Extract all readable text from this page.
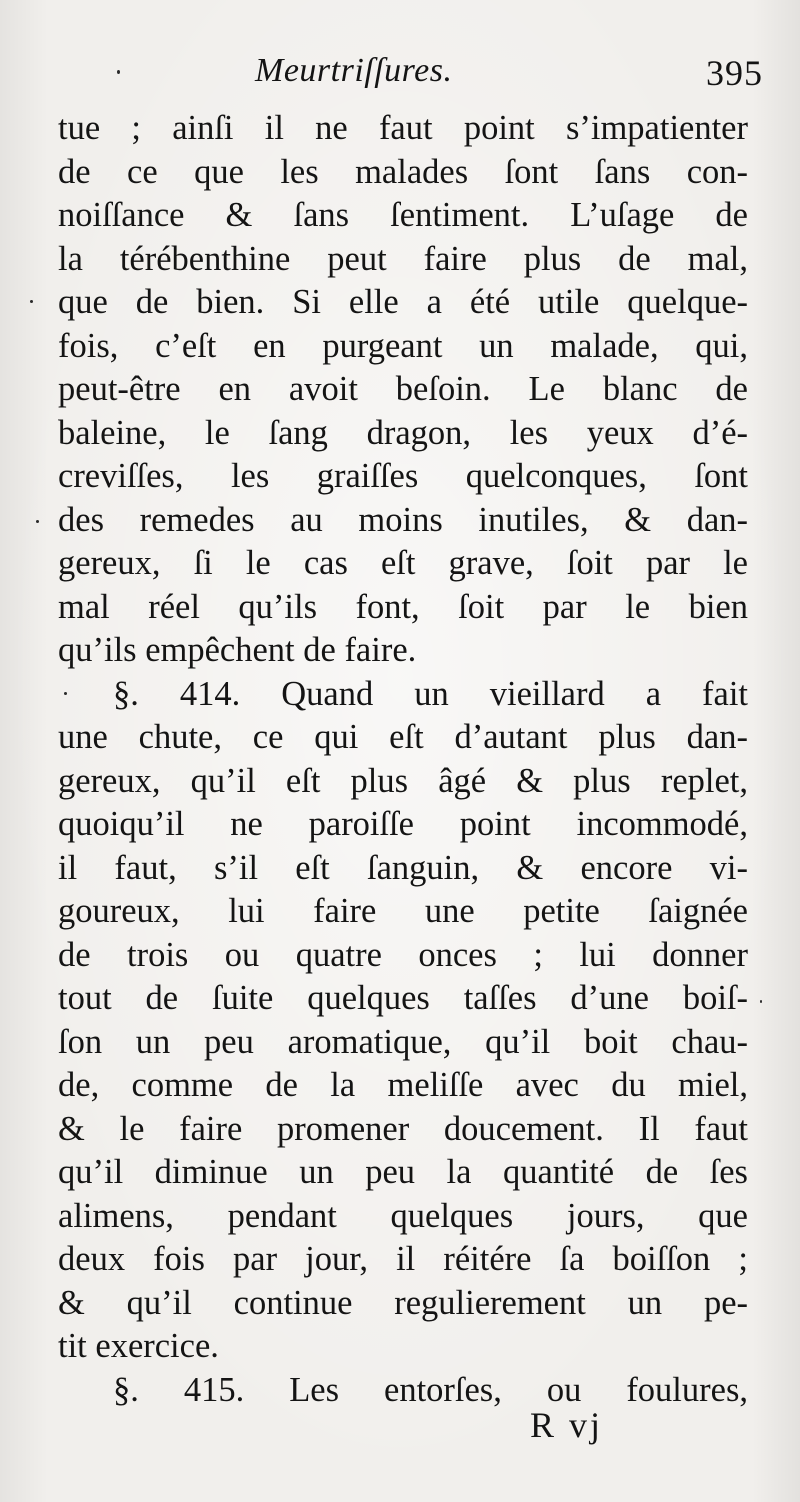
Meurtriſſures.	395
tue ; ainſi il ne faut point s’impatienter
de ce que les malades ſont ſans con-
noiſſance & ſans ſentiment. L’uſage de
la térébenthine peut faire plus de mal,
que de bien. Si elle a été utile quelque-
fois, c’eſt en purgeant un malade, qui,
peut-être en avoit beſoin. Le blanc de
baleine, le ſang dragon, les yeux d’é-
creviſſes, les graiſſes quelconques, ſont
des remedes au moins inutiles, & dan-
gereux, ſi le cas eſt grave, ſoit par le
mal réel qu’ils font, ſoit par le bien
qu’ils empêchent de faire.
§. 414. Quand un vieillard a fait
une chute, ce qui eſt d’autant plus dan-
gereux, qu’il eſt plus âgé & plus replet,
quoiqu’il ne paroiſſe point incommodé,
il faut, s’il eſt ſanguin, & encore vi-
goureux, lui faire une petite ſaignée
de trois ou quatre onces ; lui donner
tout de ſuite quelques taſſes d’une boiſ-
ſon un peu aromatique, qu’il boit chau-
de, comme de la meliſſe avec du miel,
& le faire promener doucement. Il faut
qu’il diminue un peu la quantité de ſes
alimens, pendant quelques jours, que
deux fois par jour, il réitére ſa boiſſon ;
& qu’il continue regulierement un pe-
tit exercice.
§. 415. Les entorſes, ou foulures,
R vj
